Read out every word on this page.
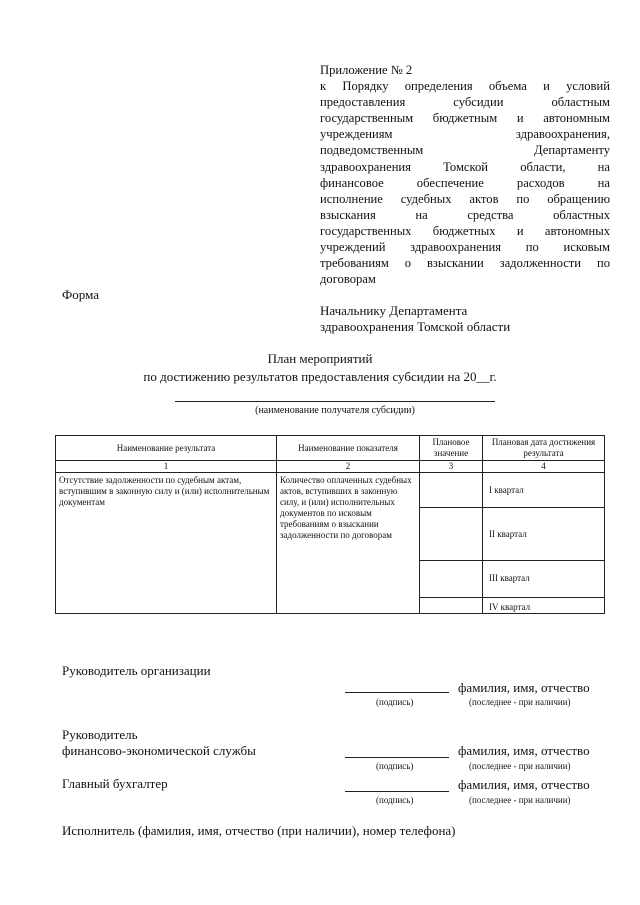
Приложение № 2
к Порядку определения объема и условий
предоставления субсидии областным
государственным бюджетным и автономным
учреждениям здравоохранения,
подведомственным Департаменту
здравоохранения Томской области, на
финансовое обеспечение расходов на
исполнение судебных актов по обращению
взыскания на средства областных
государственных бюджетных и автономных
учреждений здравоохранения по исковым
требованиям о взыскании задолженности по
договорам
Форма
Начальнику Департамента
здравоохранения Томской области
План мероприятий
по достижению результатов предоставления субсидии на 20__г.
(наименование получателя субсидии)
Наименование результата	Наименование показателя	Плановое значение	Плановая дата достижения результата
1	2	3	4
Отсутствие задолженности по судебным актам, вступившим в законную силу и (или) исполнительным документам	Количество оплаченных судебных актов, вступивших в законную силу, и (или) исполнительных документов по исковым требованиям о взыскании задолженности по договорам		I квартал
			II квартал
			III квартал
			IV квартал
Руководитель организации
фамилия, имя, отчество
(подпись)	(последнее - при наличии)
Руководитель
финансово-экономической службы	фамилия, имя, отчество
(подпись)	(последнее - при наличии)
Главный бухгалтер	фамилия, имя, отчество
(подпись)	(последнее - при наличии)
Исполнитель (фамилия, имя, отчество (при наличии), номер телефона)
